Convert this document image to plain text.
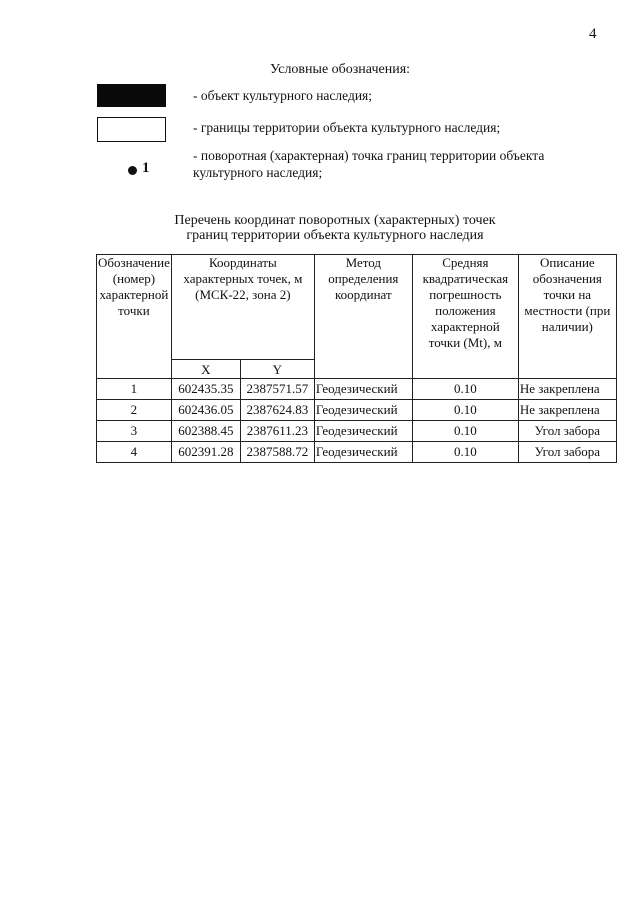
4
Условные обозначения:
- объект культурного наследия;
- границы территории объекта культурного наследия;
1
- поворотная (характерная) точка границ территории объекта культурного наследия;
Перечень координат поворотных (характерных) точек
границ территории объекта культурного наследия
Обозначение (номер) характерной точки	Координаты характерных точек, м (МСК-22, зона 2)		Метод определения координат	Средняя квадратическая погрешность положения характерной точки (Mt), м	Описание обозначения точки на местности (при наличии)
	X	Y			
1	602435.35	2387571.57	Геодезический	0.10	Не закреплена
2	602436.05	2387624.83	Геодезический	0.10	Не закреплена
3	602388.45	2387611.23	Геодезический	0.10	Угол забора
4	602391.28	2387588.72	Геодезический	0.10	Угол забора
